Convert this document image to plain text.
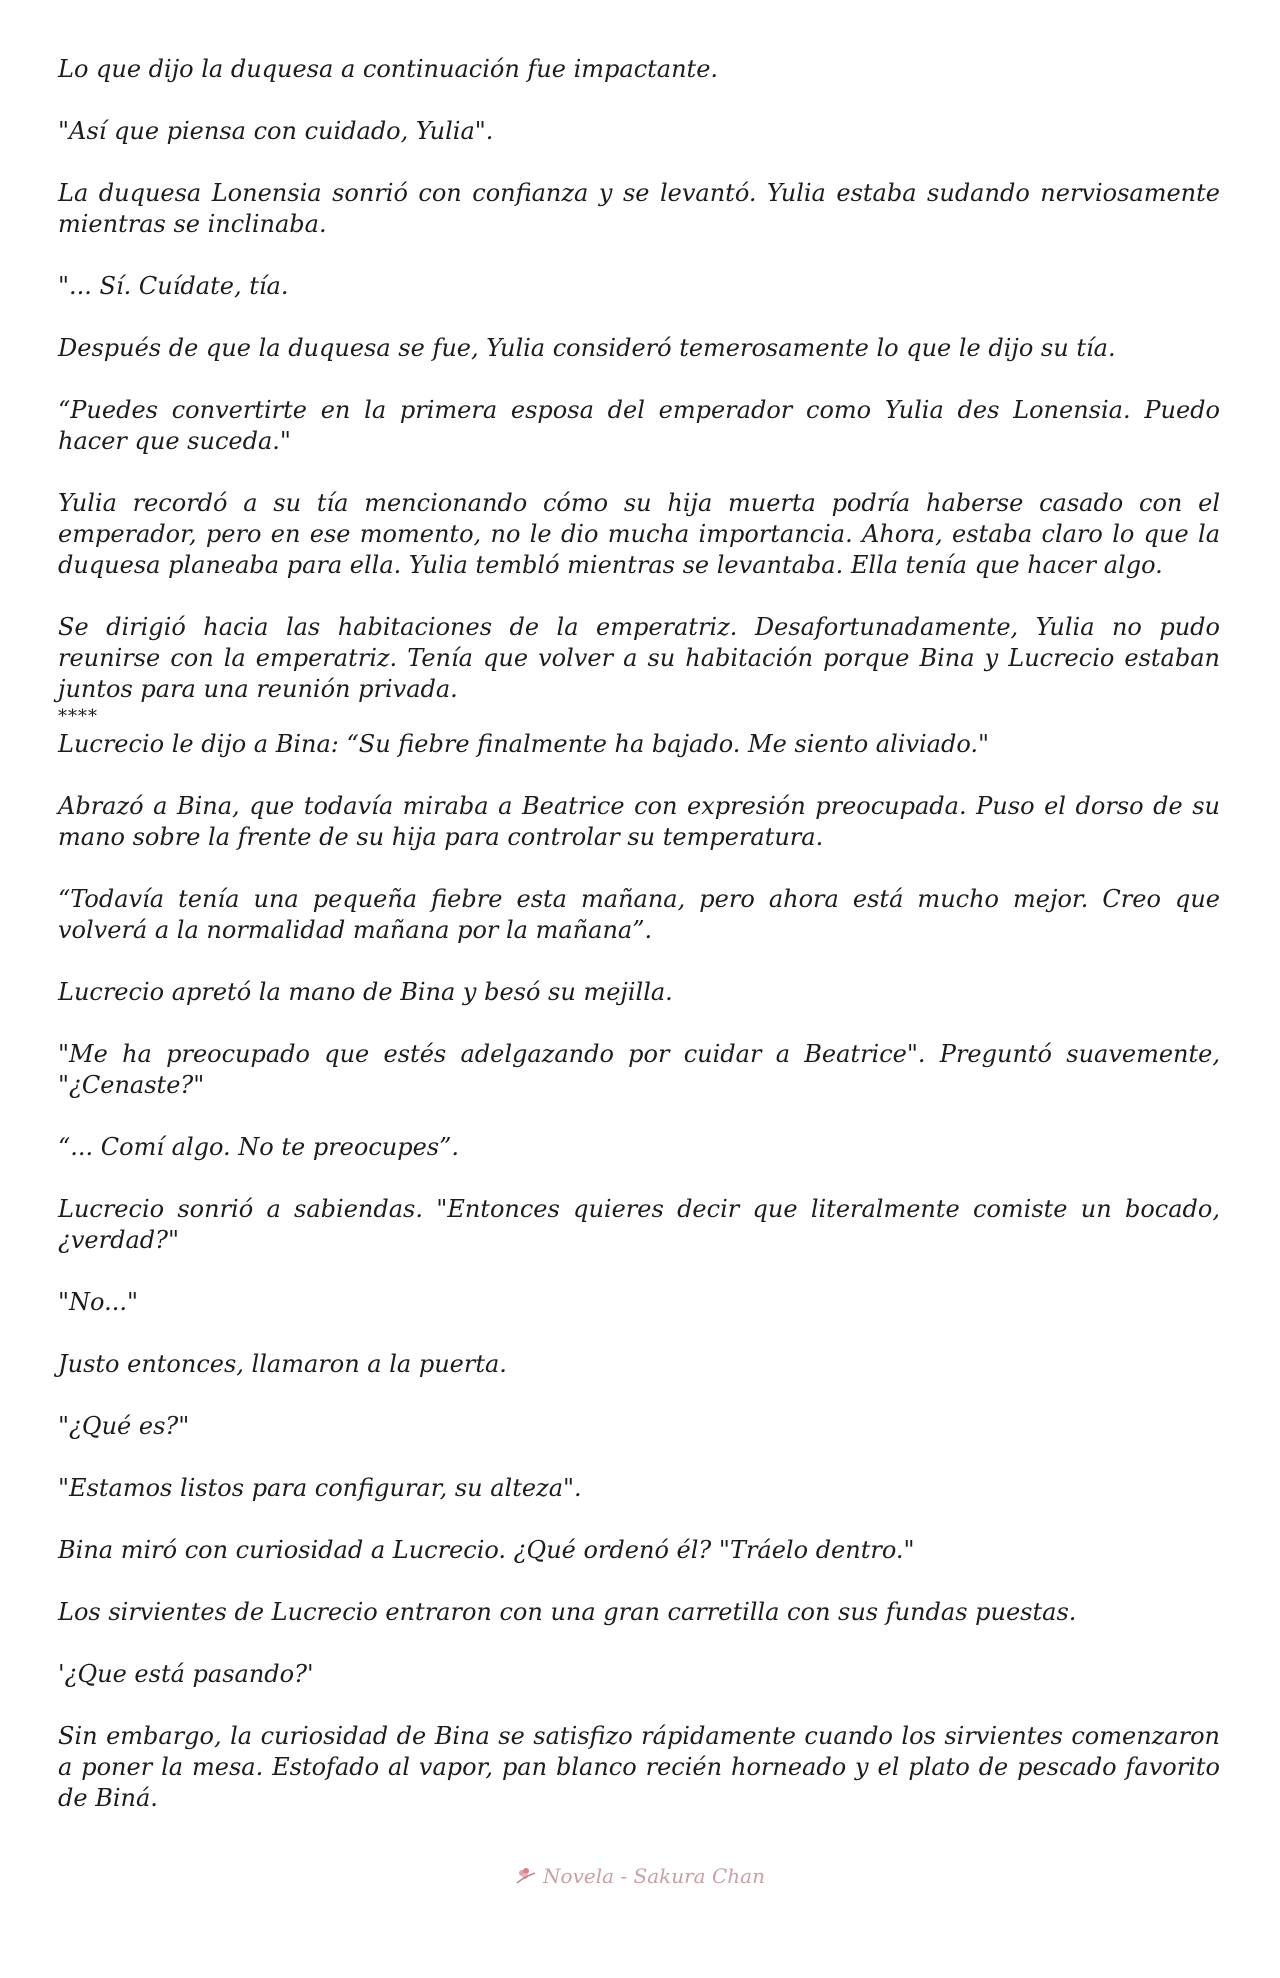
Lo que dijo la duquesa a continuación fue impactante.

"Así que piensa con cuidado, Yulia".

La duquesa Lonensia sonrió con confianza y se levantó. Yulia estaba sudando nerviosamente mientras se inclinaba.

"... Sí. Cuídate, tía.

Después de que la duquesa se fue, Yulia consideró temerosamente lo que le dijo su tía.

“Puedes convertirte en la primera esposa del emperador como Yulia des Lonensia. Puedo hacer que suceda."

Yulia recordó a su tía mencionando cómo su hija muerta podría haberse casado con el emperador, pero en ese momento, no le dio mucha importancia. Ahora, estaba claro lo que la duquesa planeaba para ella. Yulia tembló mientras se levantaba. Ella tenía que hacer algo.

Se dirigió hacia las habitaciones de la emperatriz. Desafortunadamente, Yulia no pudo reunirse con la emperatriz. Tenía que volver a su habitación porque Bina y Lucrecio estaban juntos para una reunión privada.

****

Lucrecio le dijo a Bina: “Su fiebre finalmente ha bajado. Me siento aliviado."

Abrazó a Bina, que todavía miraba a Beatrice con expresión preocupada. Puso el dorso de su mano sobre la frente de su hija para controlar su temperatura.

“Todavía tenía una pequeña fiebre esta mañana, pero ahora está mucho mejor. Creo que volverá a la normalidad mañana por la mañana”.

Lucrecio apretó la mano de Bina y besó su mejilla.

"Me ha preocupado que estés adelgazando por cuidar a Beatrice". Preguntó suavemente, "¿Cenaste?"

“... Comí algo. No te preocupes”.

Lucrecio sonrió a sabiendas. "Entonces quieres decir que literalmente comiste un bocado, ¿verdad?"

"No..."

Justo entonces, llamaron a la puerta.

"¿Qué es?"

"Estamos listos para configurar, su alteza".

Bina miró con curiosidad a Lucrecio. ¿Qué ordenó él? "Tráelo dentro."

Los sirvientes de Lucrecio entraron con una gran carretilla con sus fundas puestas.

'¿Que está pasando?'

Sin embargo, la curiosidad de Bina se satisfizo rápidamente cuando los sirvientes comenzaron a poner la mesa. Estofado al vapor, pan blanco recién horneado y el plato de pescado favorito de Biná.

Novela - Sakura Chan
